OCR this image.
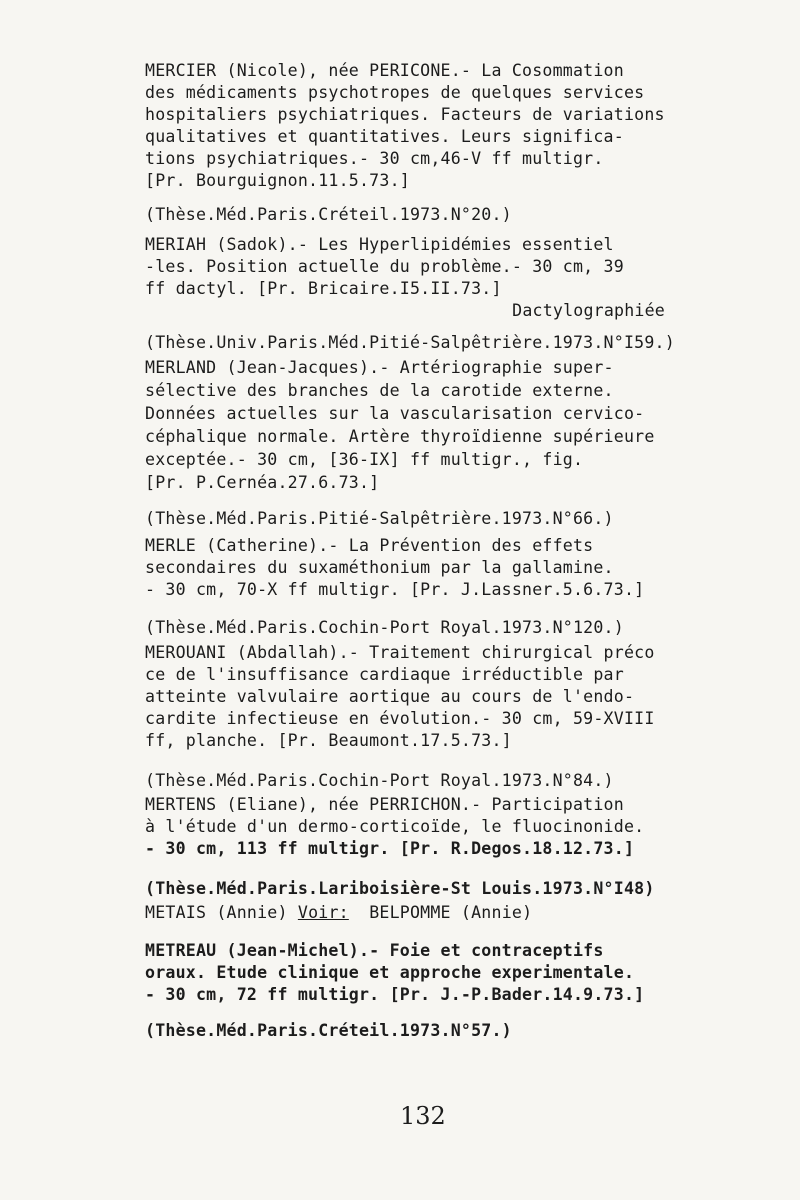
MERCIER (Nicole), née PERICONE.- La Cosommation

des médicaments psychotropes de quelques services

hospitaliers psychiatriques. Facteurs de variations

qualitatives et quantitatives. Leurs significa-

tions psychiatriques.- 30 cm,46-V ff multigr.

[Pr. Bourguignon.11.5.73.]

(Thèse.Méd.Paris.Créteil.1973.N°20.)

MERIAH (Sadok).- Les Hyperlipidémies essentiel

-les. Position actuelle du problème.- 30 cm, 39

ff dactyl. [Pr. Bricaire.I5.II.73.]

Dactylographiée

(Thèse.Univ.Paris.Méd.Pitié-Salpêtrière.1973.N°I59.)

MERLAND (Jean-Jacques).- Artériographie super-

sélective des branches de la carotide externe.

Données actuelles sur la vascularisation cervico-

céphalique normale. Artère thyroïdienne supérieure

exceptée.- 30 cm, [36-IX] ff multigr., fig.

[Pr. P.Cernéa.27.6.73.]

(Thèse.Méd.Paris.Pitié-Salpêtrière.1973.N°66.)

MERLE (Catherine).- La Prévention des effets

secondaires du suxaméthonium par la gallamine.

- 30 cm, 70-X ff multigr. [Pr. J.Lassner.5.6.73.]

(Thèse.Méd.Paris.Cochin-Port Royal.1973.N°120.)

MEROUANI (Abdallah).- Traitement chirurgical préco

ce de l'insuffisance cardiaque irréductible par

atteinte valvulaire aortique au cours de l'endo-

cardite infectieuse en évolution.- 30 cm, 59-XVIII

ff, planche. [Pr. Beaumont.17.5.73.]

(Thèse.Méd.Paris.Cochin-Port Royal.1973.N°84.)

MERTENS (Eliane), née PERRICHON.- Participation

à l'étude d'un dermo-corticoïde, le fluocinonide.

- 30 cm, 113 ff multigr. [Pr. R.Degos.18.12.73.]

(Thèse.Méd.Paris.Lariboisière-St Louis.1973.N°I48)

METAIS (Annie) Voir: BELPOMME (Annie)

METREAU (Jean-Michel).- Foie et contraceptifs

oraux. Etude clinique et approche experimentale.

- 30 cm, 72 ff multigr. [Pr. J.-P.Bader.14.9.73.]

(Thèse.Méd.Paris.Créteil.1973.N°57.)

132
